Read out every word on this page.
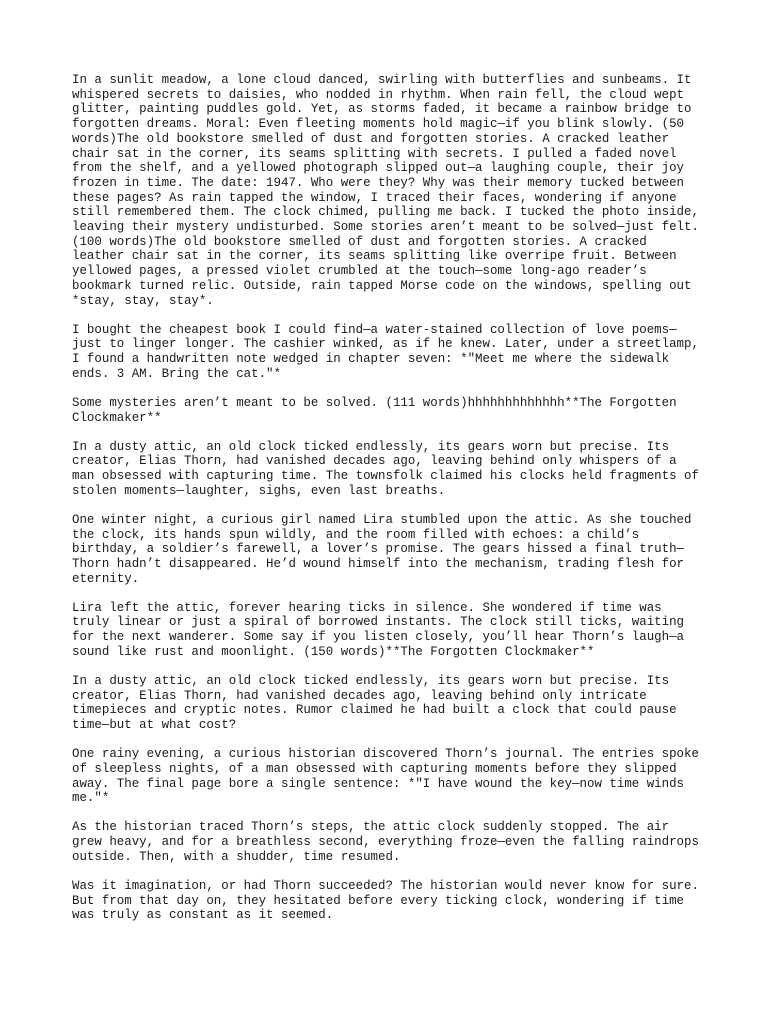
In a sunlit meadow, a lone cloud danced, swirling with butterflies and sunbeams. It whispered secrets to daisies, who nodded in rhythm. When rain fell, the cloud wept glitter, painting puddles gold. Yet, as storms faded, it became a rainbow bridge to forgotten dreams. Moral: Even fleeting moments hold magic—if you blink slowly. (50 words)The old bookstore smelled of dust and forgotten stories. A cracked leather chair sat in the corner, its seams splitting with secrets. I pulled a faded novel from the shelf, and a yellowed photograph slipped out—a laughing couple, their joy frozen in time. The date: 1947. Who were they? Why was their memory tucked between these pages? As rain tapped the window, I traced their faces, wondering if anyone still remembered them. The clock chimed, pulling me back. I tucked the photo inside, leaving their mystery undisturbed. Some stories aren’t meant to be solved—just felt. (100 words)The old bookstore smelled of dust and forgotten stories. A cracked leather chair sat in the corner, its seams splitting like overripe fruit. Between yellowed pages, a pressed violet crumbled at the touch—some long-ago reader’s bookmark turned relic. Outside, rain tapped Morse code on the windows, spelling out *stay, stay, stay*.

I bought the cheapest book I could find—a water-stained collection of love poems—just to linger longer. The cashier winked, as if he knew. Later, under a streetlamp, I found a handwritten note wedged in chapter seven: *"Meet me where the sidewalk ends. 3 AM. Bring the cat."*

Some mysteries aren’t meant to be solved. (111 words)hhhhhhhhhhhhh**The Forgotten Clockmaker**

In a dusty attic, an old clock ticked endlessly, its gears worn but precise. Its creator, Elias Thorn, had vanished decades ago, leaving behind only whispers of a man obsessed with capturing time. The townsfolk claimed his clocks held fragments of stolen moments—laughter, sighs, even last breaths.

One winter night, a curious girl named Lira stumbled upon the attic. As she touched the clock, its hands spun wildly, and the room filled with echoes: a child’s birthday, a soldier’s farewell, a lover’s promise. The gears hissed a final truth—Thorn hadn’t disappeared. He’d wound himself into the mechanism, trading flesh for eternity.

Lira left the attic, forever hearing ticks in silence. She wondered if time was truly linear or just a spiral of borrowed instants. The clock still ticks, waiting for the next wanderer. Some say if you listen closely, you’ll hear Thorn’s laugh—a sound like rust and moonlight. (150 words)**The Forgotten Clockmaker**

In a dusty attic, an old clock ticked endlessly, its gears worn but precise. Its creator, Elias Thorn, had vanished decades ago, leaving behind only intricate timepieces and cryptic notes. Rumor claimed he had built a clock that could pause time—but at what cost?

One rainy evening, a curious historian discovered Thorn’s journal. The entries spoke of sleepless nights, of a man obsessed with capturing moments before they slipped away. The final page bore a single sentence: *"I have wound the key—now time winds me."*

As the historian traced Thorn’s steps, the attic clock suddenly stopped. The air grew heavy, and for a breathless second, everything froze—even the falling raindrops outside. Then, with a shudder, time resumed.

Was it imagination, or had Thorn succeeded? The historian would never know for sure. But from that day on, they hesitated before every ticking clock, wondering if time was truly as constant as it seemed.
